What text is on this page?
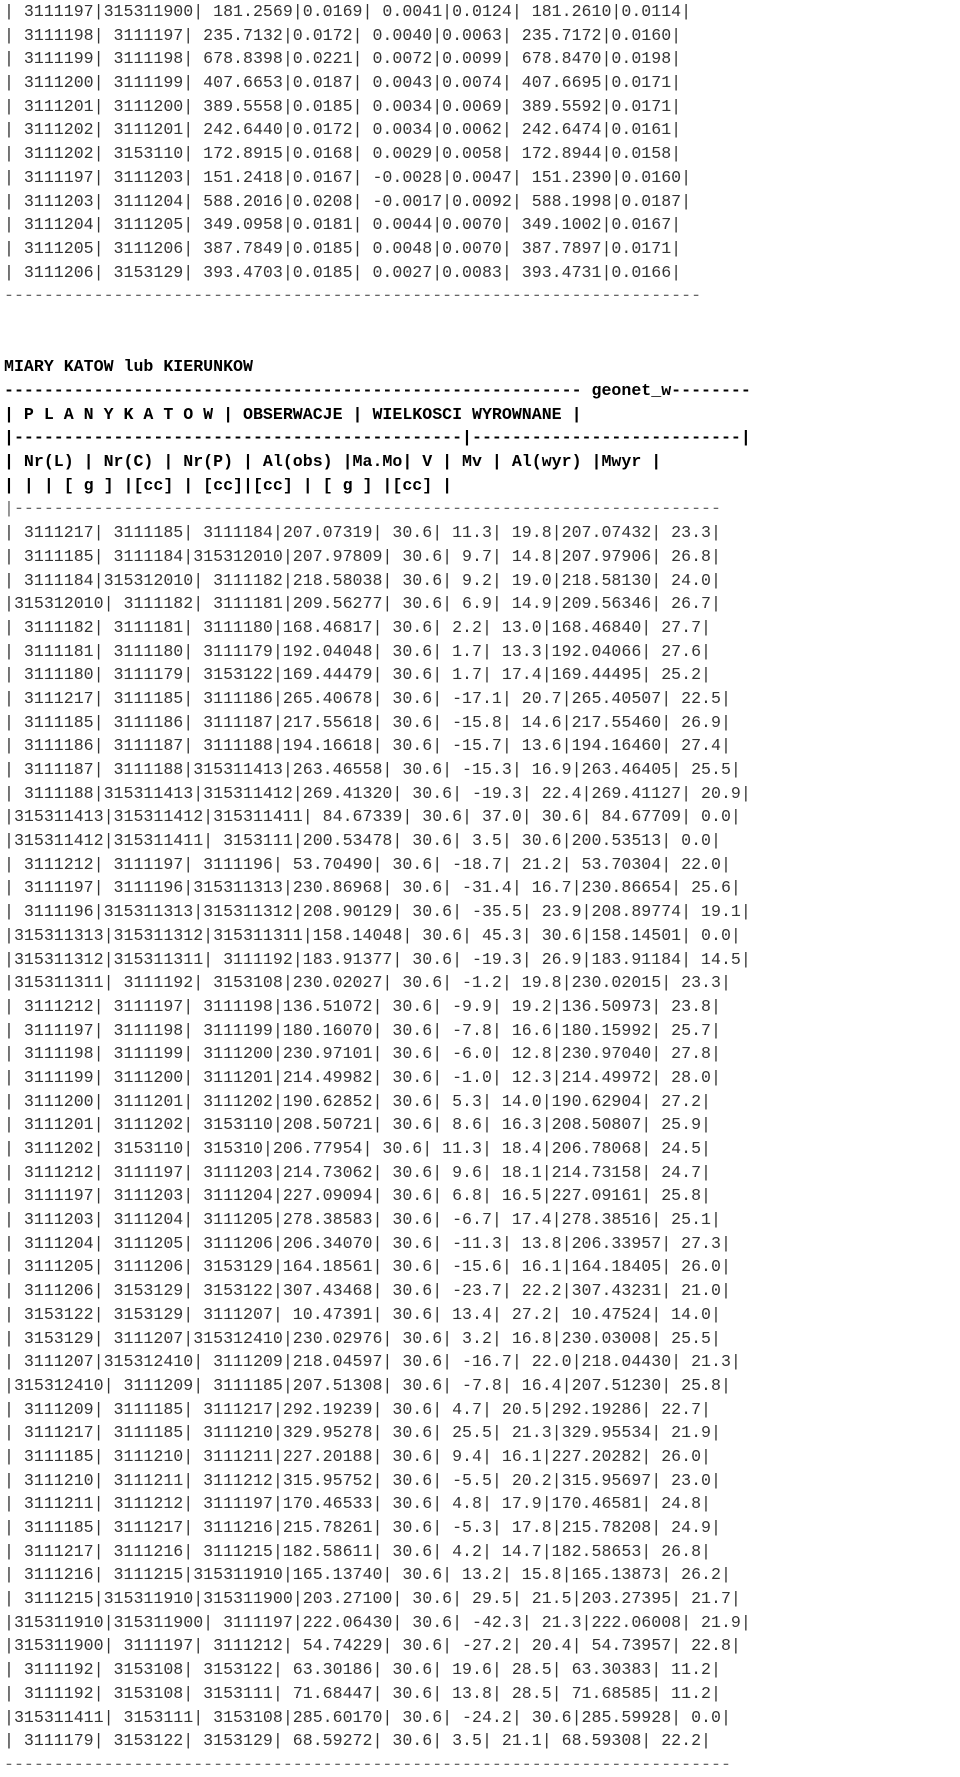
| 3111197|315311900| 181.2569|0.0169| 0.0041|0.0124| 181.2610|0.0114|
| 3111198| 3111197| 235.7132|0.0172| 0.0040|0.0063| 235.7172|0.0160|
| 3111199| 3111198| 678.8398|0.0221| 0.0072|0.0099| 678.8470|0.0198|
| 3111200| 3111199| 407.6653|0.0187| 0.0043|0.0074| 407.6695|0.0171|
| 3111201| 3111200| 389.5558|0.0185| 0.0034|0.0069| 389.5592|0.0171|
| 3111202| 3111201| 242.6440|0.0172| 0.0034|0.0062| 242.6474|0.0161|
| 3111202| 3153110| 172.8915|0.0168| 0.0029|0.0058| 172.8944|0.0158|
| 3111197| 3111203| 151.2418|0.0167| -0.0028|0.0047| 151.2390|0.0160|
| 3111203| 3111204| 588.2016|0.0208| -0.0017|0.0092| 588.1998|0.0187|
| 3111204| 3111205| 349.0958|0.0181| 0.0044|0.0070| 349.1002|0.0167|
| 3111205| 3111206| 387.7849|0.0185| 0.0048|0.0070| 387.7897|0.0171|
| 3111206| 3153129| 393.4703|0.0185| 0.0027|0.0083| 393.4731|0.0166|
----------------------------------------------------------------------
MIARY KATOW lub KIERUNKOW
---------------------------------------------------------- geonet_w--------
| P L A N Y K A T O W | OBSERWACJE | WIELKOSCI WYROWNANE |
|---------------------------------------------|---------------------------|
| Nr(L) | Nr(C) | Nr(P) | Al(obs) |Ma.Mo| V | Mv | Al(wyr) |Mwyr |
| | | [ g ] |[cc] | [cc]|[cc] | [ g ] |[cc] |
|-----------------------------------------------------------------------
| 3111217| 3111185| 3111184|207.07319| 30.6| 11.3| 19.8|207.07432| 23.3|
| 3111185| 3111184|315312010|207.97809| 30.6| 9.7| 14.8|207.97906| 26.8|
| 3111184|315312010| 3111182|218.58038| 30.6| 9.2| 19.0|218.58130| 24.0|
|315312010| 3111182| 3111181|209.56277| 30.6| 6.9| 14.9|209.56346| 26.7|
| 3111182| 3111181| 3111180|168.46817| 30.6| 2.2| 13.0|168.46840| 27.7|
| 3111181| 3111180| 3111179|192.04048| 30.6| 1.7| 13.3|192.04066| 27.6|
| 3111180| 3111179| 3153122|169.44479| 30.6| 1.7| 17.4|169.44495| 25.2|
| 3111217| 3111185| 3111186|265.40678| 30.6| -17.1| 20.7|265.40507| 22.5|
| 3111185| 3111186| 3111187|217.55618| 30.6| -15.8| 14.6|217.55460| 26.9|
| 3111186| 3111187| 3111188|194.16618| 30.6| -15.7| 13.6|194.16460| 27.4|
| 3111187| 3111188|315311413|263.46558| 30.6| -15.3| 16.9|263.46405| 25.5|
| 3111188|315311413|315311412|269.41320| 30.6| -19.3| 22.4|269.41127| 20.9|
|315311413|315311412|315311411| 84.67339| 30.6| 37.0| 30.6| 84.67709| 0.0|
|315311412|315311411| 3153111|200.53478| 30.6| 3.5| 30.6|200.53513| 0.0|
| 3111212| 3111197| 3111196| 53.70490| 30.6| -18.7| 21.2| 53.70304| 22.0|
| 3111197| 3111196|315311313|230.86968| 30.6| -31.4| 16.7|230.86654| 25.6|
| 3111196|315311313|315311312|208.90129| 30.6| -35.5| 23.9|208.89774| 19.1|
|315311313|315311312|315311311|158.14048| 30.6| 45.3| 30.6|158.14501| 0.0|
|315311312|315311311| 3111192|183.91377| 30.6| -19.3| 26.9|183.91184| 14.5|
|315311311| 3111192| 3153108|230.02027| 30.6| -1.2| 19.8|230.02015| 23.3|
| 3111212| 3111197| 3111198|136.51072| 30.6| -9.9| 19.2|136.50973| 23.8|
| 3111197| 3111198| 3111199|180.16070| 30.6| -7.8| 16.6|180.15992| 25.7|
| 3111198| 3111199| 3111200|230.97101| 30.6| -6.0| 12.8|230.97040| 27.8|
| 3111199| 3111200| 3111201|214.49982| 30.6| -1.0| 12.3|214.49972| 28.0|
| 3111200| 3111201| 3111202|190.62852| 30.6| 5.3| 14.0|190.62904| 27.2|
| 3111201| 3111202| 3153110|208.50721| 30.6| 8.6| 16.3|208.50807| 25.9|
| 3111202| 3153110| 315310|206.77954| 30.6| 11.3| 18.4|206.78068| 24.5|
| 3111212| 3111197| 3111203|214.73062| 30.6| 9.6| 18.1|214.73158| 24.7|
| 3111197| 3111203| 3111204|227.09094| 30.6| 6.8| 16.5|227.09161| 25.8|
| 3111203| 3111204| 3111205|278.38583| 30.6| -6.7| 17.4|278.38516| 25.1|
| 3111204| 3111205| 3111206|206.34070| 30.6| -11.3| 13.8|206.33957| 27.3|
| 3111205| 3111206| 3153129|164.18561| 30.6| -15.6| 16.1|164.18405| 26.0|
| 3111206| 3153129| 3153122|307.43468| 30.6| -23.7| 22.2|307.43231| 21.0|
| 3153122| 3153129| 3111207| 10.47391| 30.6| 13.4| 27.2| 10.47524| 14.0|
| 3153129| 3111207|315312410|230.02976| 30.6| 3.2| 16.8|230.03008| 25.5|
| 3111207|315312410| 3111209|218.04597| 30.6| -16.7| 22.0|218.04430| 21.3|
|315312410| 3111209| 3111185|207.51308| 30.6| -7.8| 16.4|207.51230| 25.8|
| 3111209| 3111185| 3111217|292.19239| 30.6| 4.7| 20.5|292.19286| 22.7|
| 3111217| 3111185| 3111210|329.95278| 30.6| 25.5| 21.3|329.95534| 21.9|
| 3111185| 3111210| 3111211|227.20188| 30.6| 9.4| 16.1|227.20282| 26.0|
| 3111210| 3111211| 3111212|315.95752| 30.6| -5.5| 20.2|315.95697| 23.0|
| 3111211| 3111212| 3111197|170.46533| 30.6| 4.8| 17.9|170.46581| 24.8|
| 3111185| 3111217| 3111216|215.78261| 30.6| -5.3| 17.8|215.78208| 24.9|
| 3111217| 3111216| 3111215|182.58611| 30.6| 4.2| 14.7|182.58653| 26.8|
| 3111216| 3111215|315311910|165.13740| 30.6| 13.2| 15.8|165.13873| 26.2|
| 3111215|315311910|315311900|203.27100| 30.6| 29.5| 21.5|203.27395| 21.7|
|315311910|315311900| 3111197|222.06430| 30.6| -42.3| 21.3|222.06008| 21.9|
|315311900| 3111197| 3111212| 54.74229| 30.6| -27.2| 20.4| 54.73957| 22.8|
| 3111192| 3153108| 3153122| 63.30186| 30.6| 19.6| 28.5| 63.30383| 11.2|
| 3111192| 3153108| 3153111| 71.68447| 30.6| 13.8| 28.5| 71.68585| 11.2|
|315311411| 3153111| 3153108|285.60170| 30.6| -24.2| 30.6|285.59928| 0.0|
| 3111179| 3153122| 3153129| 68.59272| 30.6| 3.5| 21.1| 68.59308| 22.2|
-------------------------------------------------------------------------
